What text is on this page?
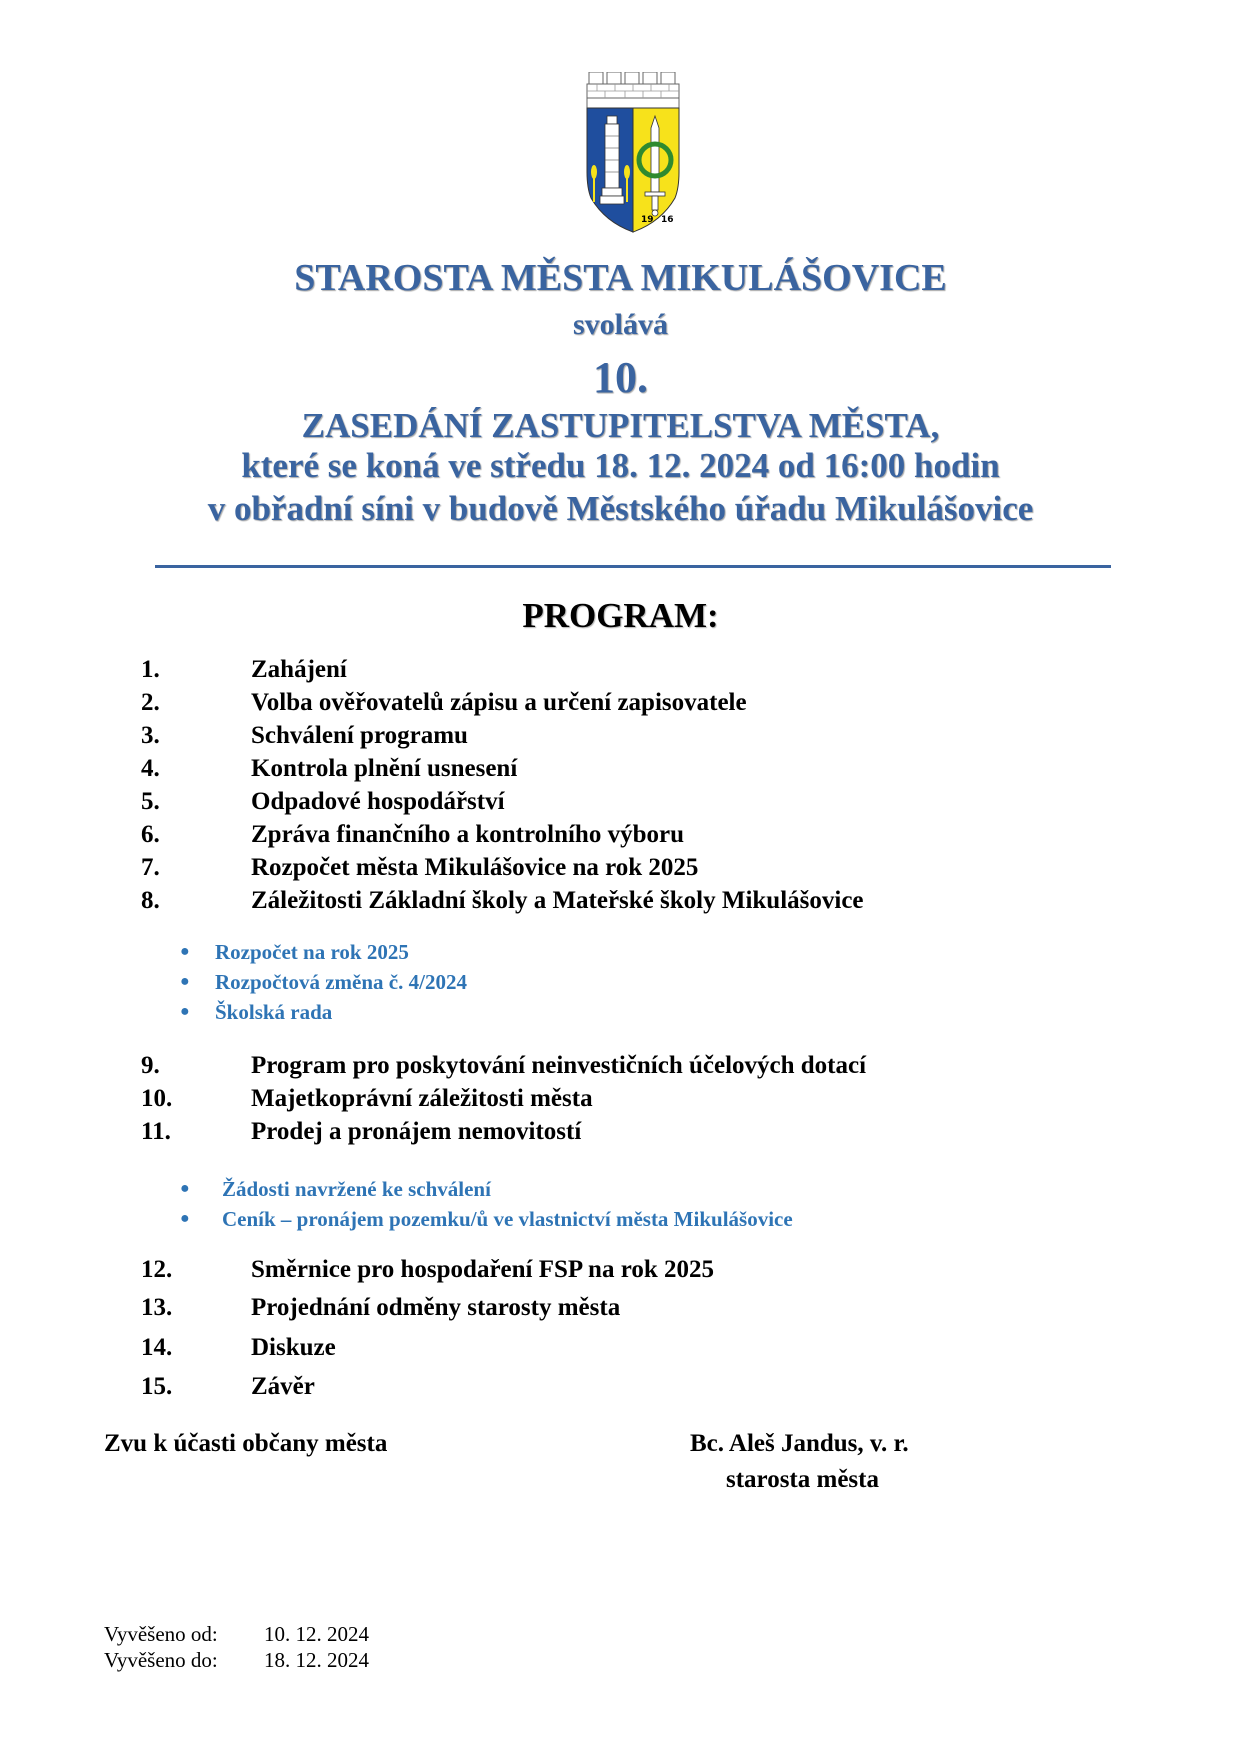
19 16
STAROSTA MĚSTA MIKULÁŠOVICE
svolává
10.
ZASEDÁNÍ ZASTUPITELSTVA MĚSTA,
které se koná ve středu 18. 12. 2024 od 16:00 hodin
v obřadní síni v budově Městského úřadu Mikulášovice
PROGRAM:
1.	Zahájení
2.	Volba ověřovatelů zápisu a určení zapisovatele
3.	Schválení programu
4.	Kontrola plnění usnesení
5.	Odpadové hospodářství
6.	Zpráva finančního a kontrolního výboru
7.	Rozpočet města Mikulášovice na rok 2025
8.	Záležitosti Základní školy a Mateřské školy Mikulášovice
● Rozpočet na rok 2025
● Rozpočtová změna č. 4/2024
● Školská rada
9.	Program pro poskytování neinvestičních účelových dotací
10.	Majetkoprávní záležitosti města
11.	Prodej a pronájem nemovitostí
● Žádosti navržené ke schválení
● Ceník – pronájem pozemku/ů ve vlastnictví města Mikulášovice
12.	Směrnice pro hospodaření FSP na rok 2025
13.	Projednání odměny starosty města
14.	Diskuze
15.	Závěr
Zvu k účasti občany města	Bc. Aleš Jandus, v. r.
starosta města
Vyvěšeno od: 10. 12. 2024
Vyvěšeno do: 18. 12. 2024
